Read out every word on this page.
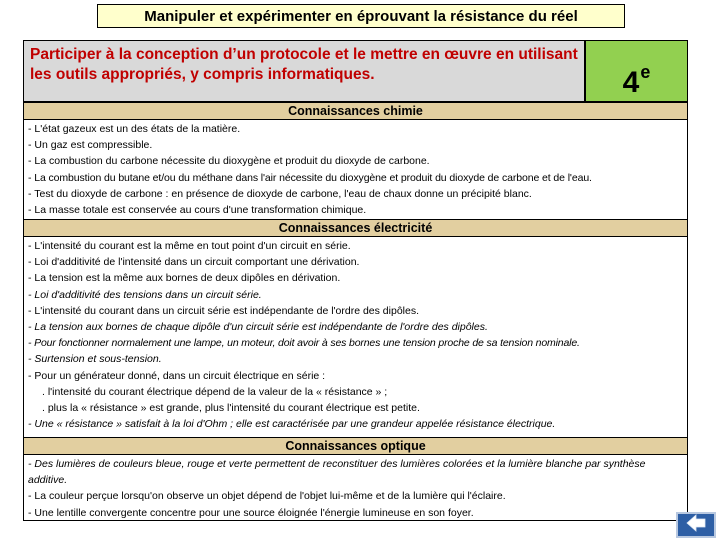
Manipuler et expérimenter en éprouvant la résistance du réel
Participer à la conception d’un protocole et le mettre en œuvre en utilisant les outils appropriés, y compris informatiques.	4e
Connaissances chimie
- L'état gazeux est un des états de la matière.
- Un gaz est compressible.
- La combustion du carbone nécessite du dioxygène et produit du dioxyde de carbone.
- La combustion du butane et/ou du méthane dans l'air nécessite du dioxygène et produit du dioxyde de carbone et de l'eau.
- Test du dioxyde de carbone : en présence de dioxyde de carbone, l'eau de chaux donne un précipité blanc.
- La masse totale est conservée au cours d'une transformation chimique.
Connaissances électricité
- L'intensité du courant est la même en tout point d'un circuit en série.
- Loi d'additivité de l'intensité dans un circuit comportant une dérivation.
- La tension est la même aux bornes de deux dipôles en dérivation.
- Loi d'additivité des tensions dans un circuit série.
- L'intensité du courant dans un circuit série est indépendante de l'ordre des dipôles.
- La tension aux bornes de chaque dipôle d'un circuit série est indépendante de l'ordre des dipôles.
- Pour fonctionner normalement une lampe, un moteur, doit avoir à ses bornes une tension proche de sa tension nominale.
- Surtension et sous-tension.
- Pour un générateur donné, dans un circuit électrique en série :
. l'intensité du courant électrique dépend de la valeur de la « résistance » ;
. plus la « résistance » est grande, plus l'intensité du courant électrique est petite.
- Une « résistance » satisfait à la loi d'Ohm ; elle est caractérisée par une grandeur appelée résistance électrique.
Connaissances optique
- Des lumières de couleurs bleue, rouge et verte permettent de reconstituer des lumières colorées et la lumière blanche par synthèse additive.
- La couleur perçue lorsqu'on observe un objet dépend de l'objet lui-même et de la lumière qui l'éclaire.
- Une lentille convergente concentre pour une source éloignée l'énergie lumineuse en son foyer.
